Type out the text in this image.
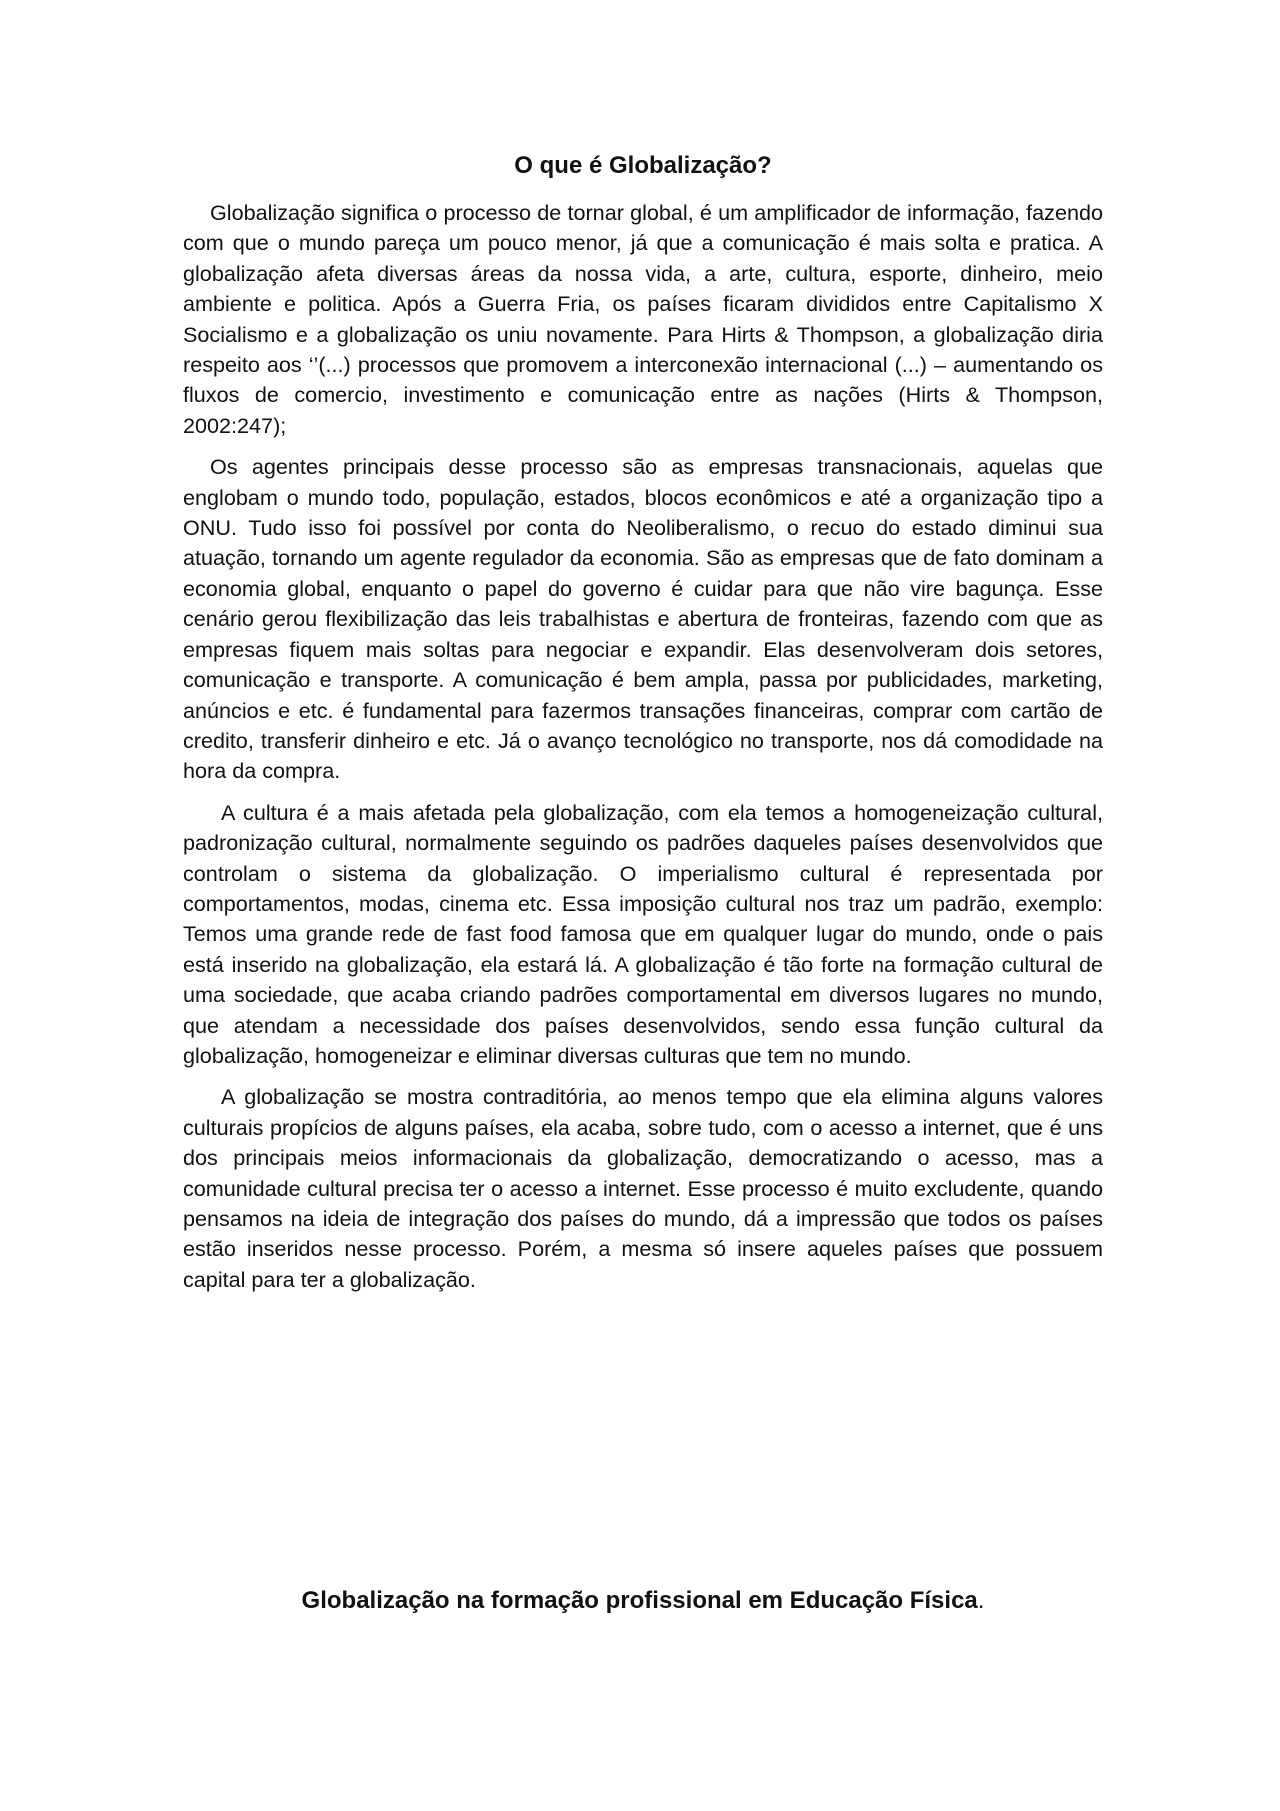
O que é Globalização?

Globalização significa o processo de tornar global, é um amplificador de informação, fazendo com que o mundo pareça um pouco menor, já que a comunicação é mais solta e pratica. A globalização afeta diversas áreas da nossa vida, a arte, cultura, esporte, dinheiro, meio ambiente e politica. Após a Guerra Fria, os países ficaram divididos entre Capitalismo X Socialismo e a globalização os uniu novamente. Para Hirts & Thompson, a globalização diria respeito aos ‘’(...) processos que promovem a interconexão internacional (...) – aumentando os fluxos de comercio, investimento e comunicação entre as nações (Hirts & Thompson, 2002:247);

Os agentes principais desse processo são as empresas transnacionais, aquelas que englobam o mundo todo, população, estados, blocos econômicos e até a organização tipo a ONU. Tudo isso foi possível por conta do Neoliberalismo, o recuo do estado diminui sua atuação, tornando um agente regulador da economia. São as empresas que de fato dominam a economia global, enquanto o papel do governo é cuidar para que não vire bagunça. Esse cenário gerou flexibilização das leis trabalhistas e abertura de fronteiras, fazendo com que as empresas fiquem mais soltas para negociar e expandir. Elas desenvolveram dois setores, comunicação e transporte. A comunicação é bem ampla, passa por publicidades, marketing, anúncios e etc. é fundamental para fazermos transações financeiras, comprar com cartão de credito, transferir dinheiro e etc. Já o avanço tecnológico no transporte, nos dá comodidade na hora da compra.

A cultura é a mais afetada pela globalização, com ela temos a homogeneização cultural, padronização cultural, normalmente seguindo os padrões daqueles países desenvolvidos que controlam o sistema da globalização. O imperialismo cultural é representada por comportamentos, modas, cinema etc. Essa imposição cultural nos traz um padrão, exemplo: Temos uma grande rede de fast food famosa que em qualquer lugar do mundo, onde o pais está inserido na globalização, ela estará lá. A globalização é tão forte na formação cultural de uma sociedade, que acaba criando padrões comportamental em diversos lugares no mundo, que atendam a necessidade dos países desenvolvidos, sendo essa função cultural da globalização, homogeneizar e eliminar diversas culturas que tem no mundo.

A globalização se mostra contraditória, ao menos tempo que ela elimina alguns valores culturais propícios de alguns países, ela acaba, sobre tudo, com o acesso a internet, que é uns dos principais meios informacionais da globalização, democratizando o acesso, mas a comunidade cultural precisa ter o acesso a internet. Esse processo é muito excludente, quando pensamos na ideia de integração dos países do mundo, dá a impressão que todos os países estão inseridos nesse processo. Porém, a mesma só insere aqueles países que possuem capital para ter a globalização.

Globalização na formação profissional em Educação Física.
